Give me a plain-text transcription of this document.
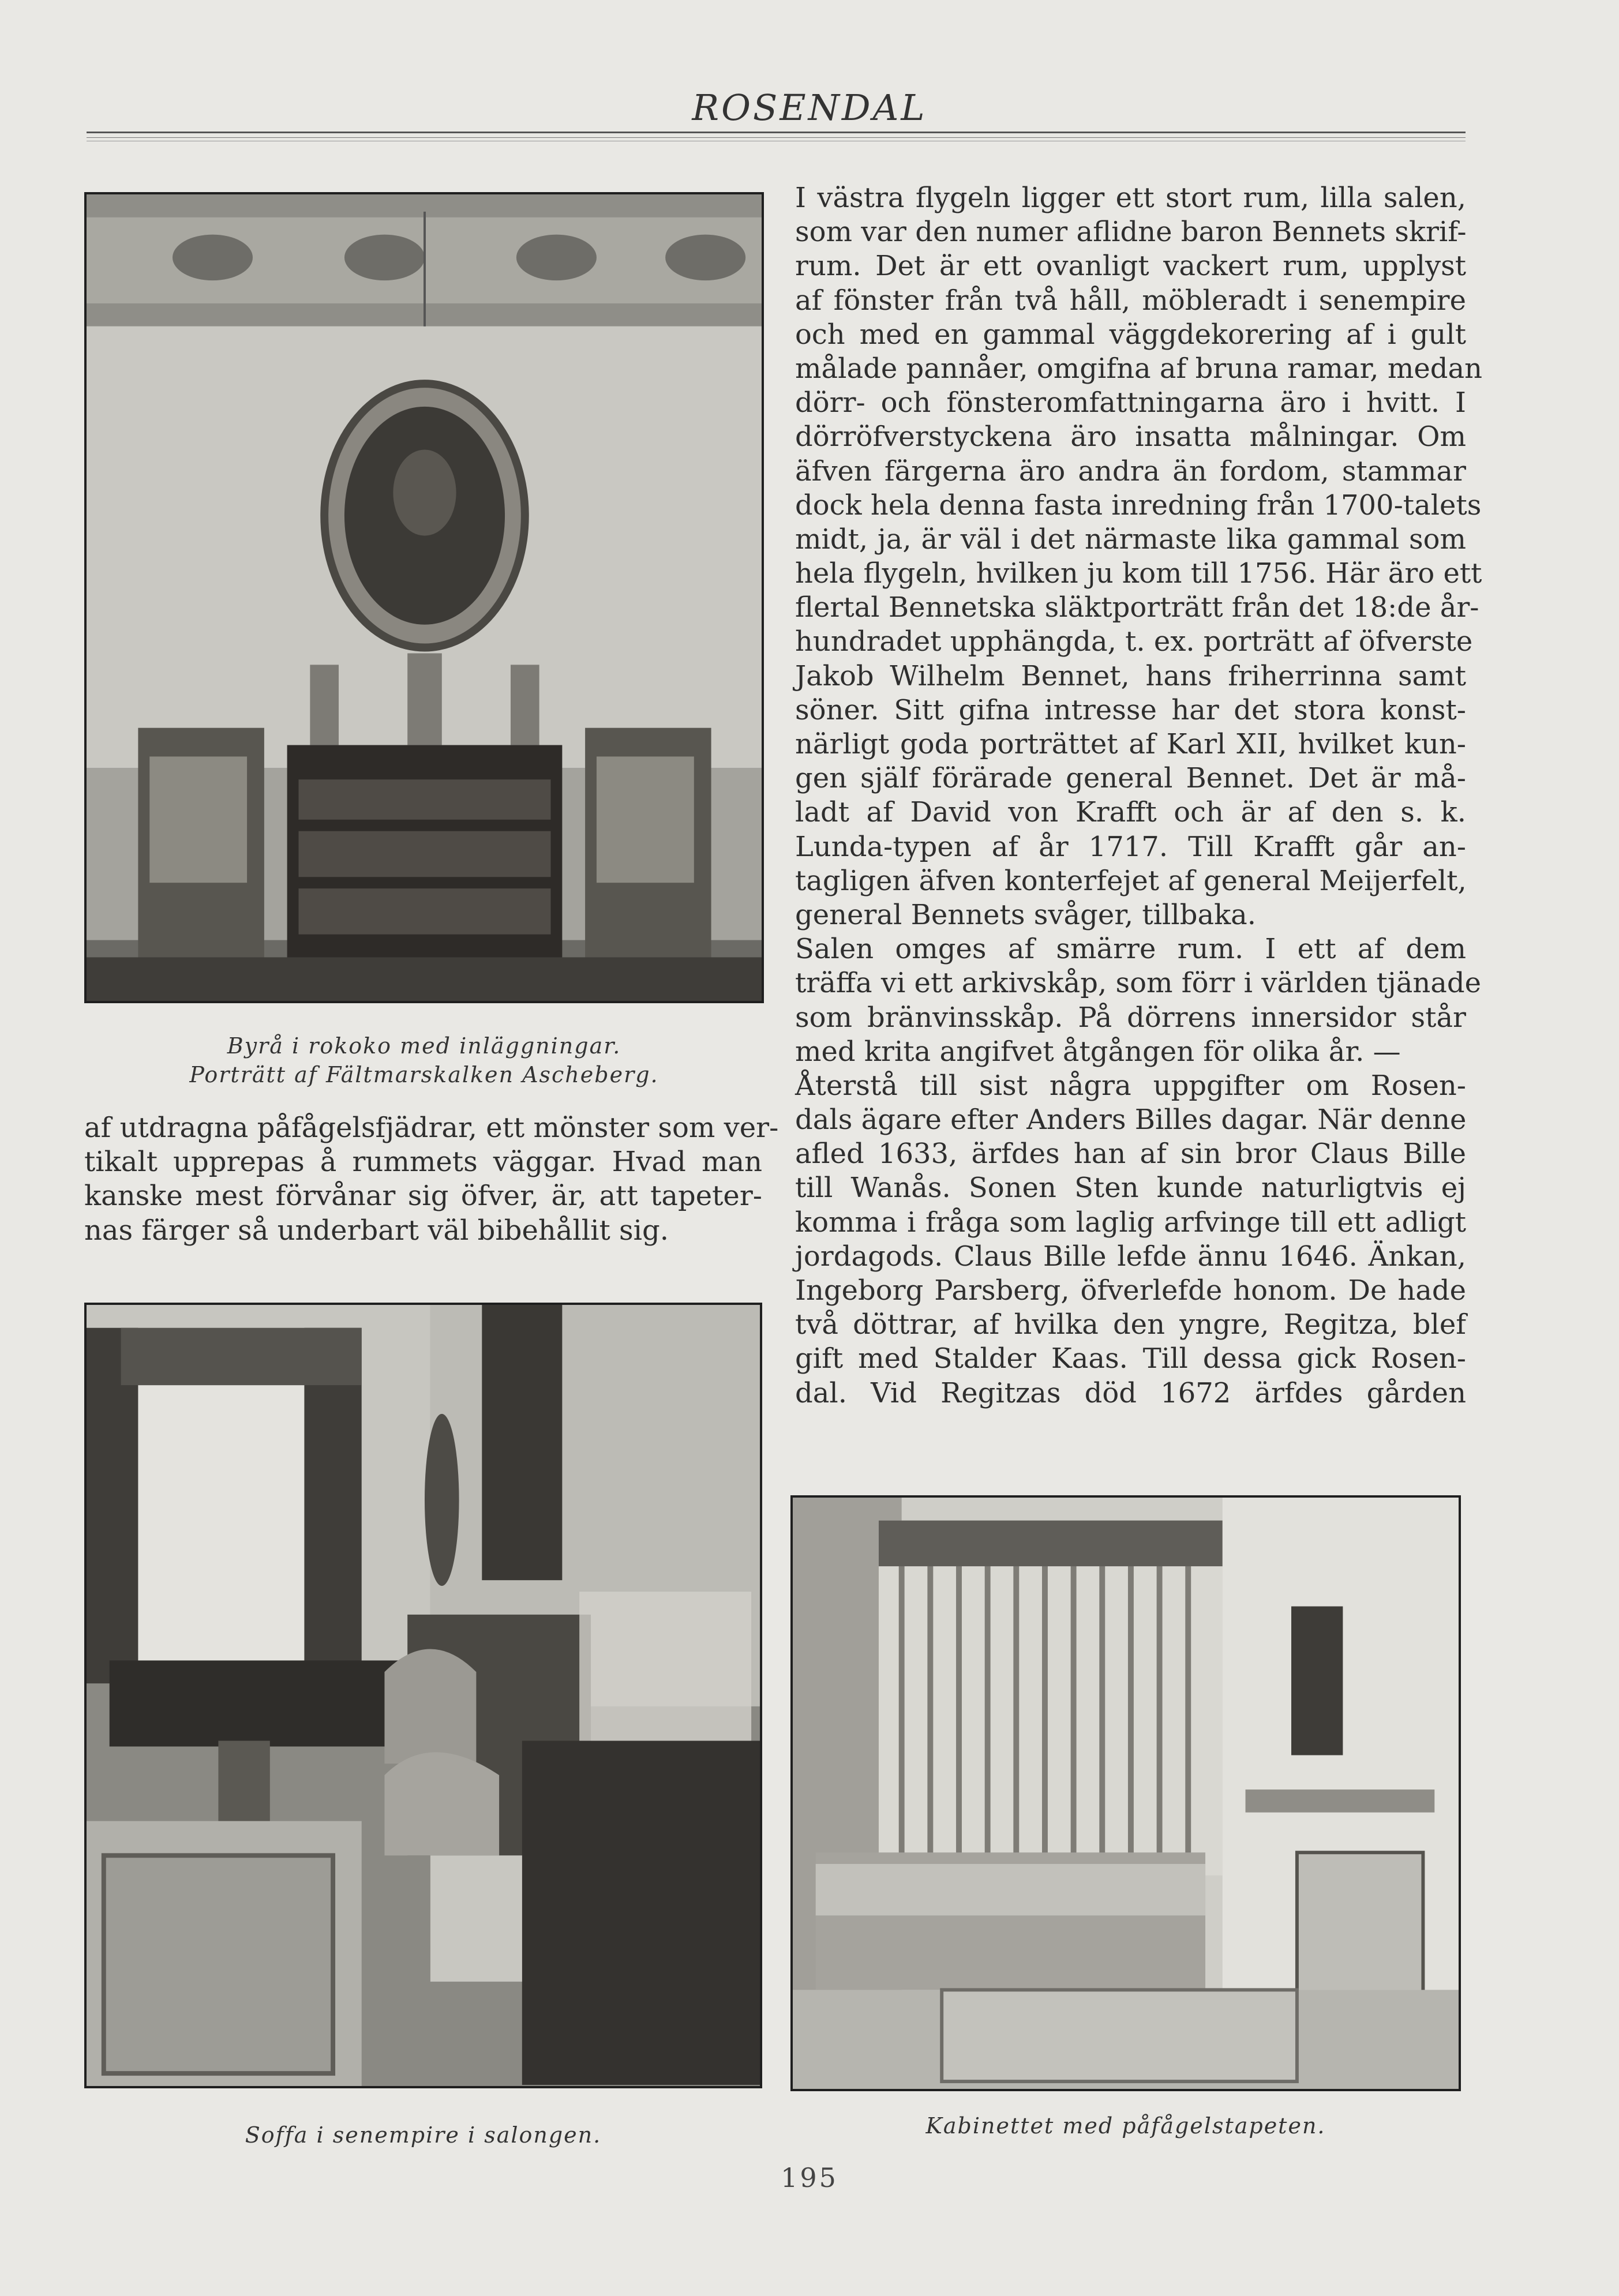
ROSENDAL
Byrå i rokoko med inläggningar.
Porträtt af Fältmarskalken Ascheberg.
af utdragna påfågelsfjädrar, ett mönster som ver-
tikalt upprepas å rummets väggar. Hvad man
kanske mest förvånar sig öfver, är, att tapeter-
nas färger så underbart väl bibehållit sig.
I västra flygeln ligger ett stort rum, lilla salen,
som var den numer aflidne baron Bennets skrif-
rum. Det är ett ovanligt vackert rum, upplyst
af fönster från två håll, möbleradt i senempire
och med en gammal väggdekorering af i gult
målade pannåer, omgifna af bruna ramar, medan
dörr- och fönsteromfattningarna äro i hvitt. I
dörröfverstyckena äro insatta målningar. Om
äfven färgerna äro andra än fordom, stammar
dock hela denna fasta inredning från 1700-talets
midt, ja, är väl i det närmaste lika gammal som
hela flygeln, hvilken ju kom till 1756. Här äro ett
flertal Bennetska släktporträtt från det 18:de år-
hundradet upphängda, t. ex. porträtt af öfverste
Jakob Wilhelm Bennet, hans friherrinna samt
söner. Sitt gifna intresse har det stora konst-
närligt goda porträttet af Karl XII, hvilket kun-
gen själf förärade general Bennet. Det är må-
ladt af David von Krafft och är af den s. k.
Lunda-typen af år 1717. Till Krafft går an-
tagligen äfven konterfejet af general Meijerfelt,
general Bennets svåger, tillbaka.
Salen omges af smärre rum. I ett af dem
träffa vi ett arkivskåp, som förr i världen tjänade
som bränvinsskåp. På dörrens innersidor står
med krita angifvet åtgången för olika år. —
Återstå till sist några uppgifter om Rosen-
dals ägare efter Anders Billes dagar. När denne
afled 1633, ärfdes han af sin bror Claus Bille
till Wanås. Sonen Sten kunde naturligtvis ej
komma i fråga som laglig arfvinge till ett adligt
jordagods. Claus Bille lefde ännu 1646. Änkan,
Ingeborg Parsberg, öfverlefde honom. De hade
två döttrar, af hvilka den yngre, Regitza, blef
gift med Stalder Kaas. Till dessa gick Rosen-
dal. Vid Regitzas död 1672 ärfdes gården
Soffa i senempire i salongen.	Kabinettet med påfågelstapeten.
195
